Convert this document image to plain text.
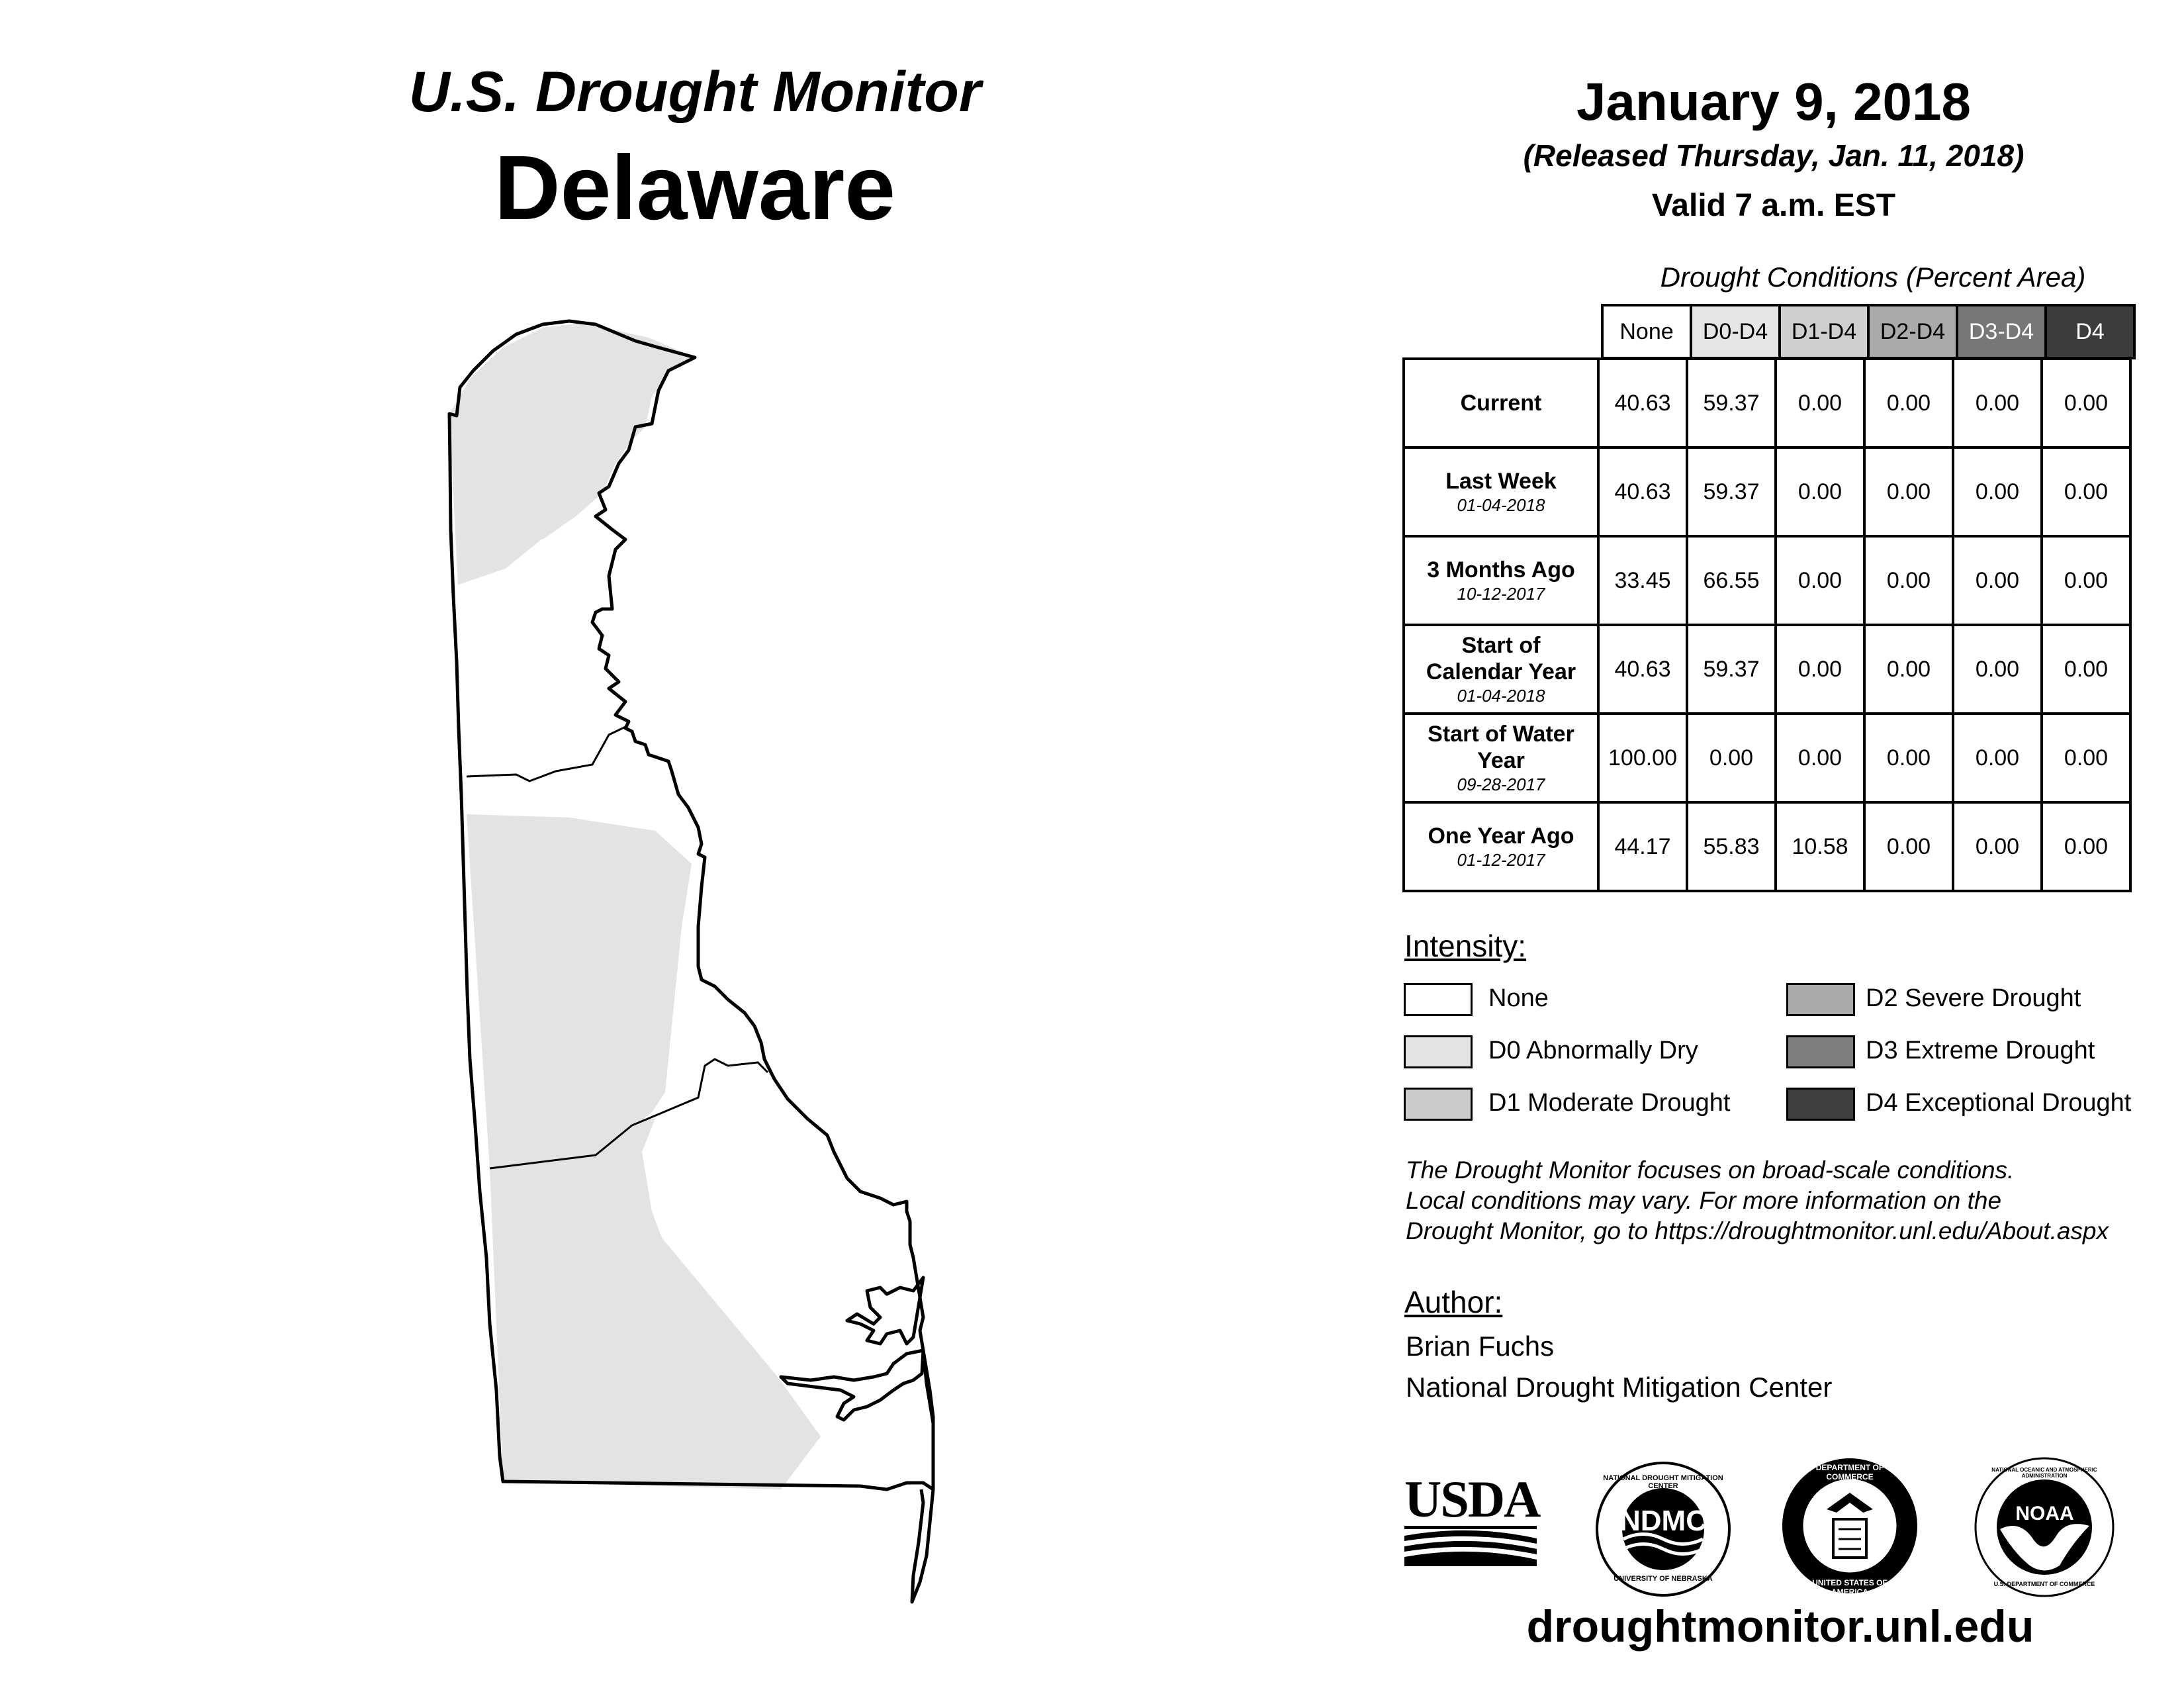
U.S. Drought Monitor
Delaware
January 9, 2018
(Released Thursday, Jan. 11, 2018)
Valid 7 a.m. EST
Drought Conditions (Percent Area)
None	D0-D4	D1-D4	D2-D4	D3-D4	D4
Current	40.63	59.37	0.00	0.00	0.00	0.00

Last Week
01-04-2018	40.63	59.37	0.00	0.00	0.00	0.00

3 Months Ago
10-12-2017	33.45	66.55	0.00	0.00	0.00	0.00

Start of Calendar Year
01-04-2018	40.63	59.37	0.00	0.00	0.00	0.00

Start of Water Year
09-28-2017	100.00	0.00	0.00	0.00	0.00	0.00

One Year Ago
01-12-2017	44.17	55.83	10.58	0.00	0.00	0.00
Intensity:
None
D0 Abnormally Dry
D1 Moderate Drought
D2 Severe Drought
D3 Extreme Drought
D4 Exceptional Drought
The Drought Monitor focuses on broad-scale conditions.
Local conditions may vary. For more information on the
Drought Monitor, go to https://droughtmonitor.unl.edu/About.aspx
Author:
Brian Fuchs
National Drought Mitigation Center
USDA	NDMC
NATIONAL DROUGHT MITIGATION CENTER
UNIVERSITY OF NEBRASKA
DEPARTMENT OF COMMERCE
UNITED STATES OF AMERICA
NOAA
NATIONAL OCEANIC AND ATMOSPHERIC ADMINISTRATION
U.S. DEPARTMENT OF COMMERCE
droughtmonitor.unl.edu
